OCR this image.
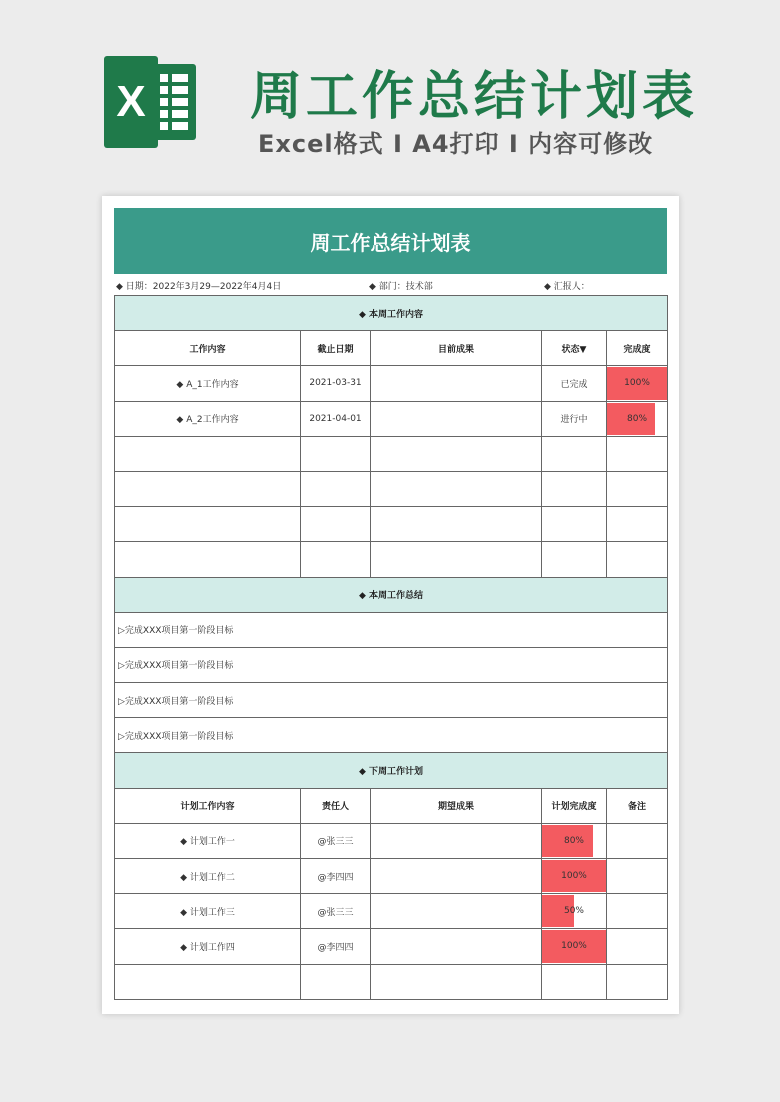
X 周工作总结计划表
Excel格式 Ι A4打印 Ι 内容可修改
周工作总结计划表
◆ 日期：2022年3月29—2022年4月4日	◆ 部门：技术部	◆ 汇报人：
◆ 本周工作内容				
工作内容	截止日期	目前成果	状态▼	完成度
◆ A_1工作内容	2021-03-31		已完成	100%
◆ A_2工作内容	2021-04-01		进行中	80%

◆ 本周工作总结				
▷完成XXX项目第一阶段目标				
▷完成XXX项目第一阶段目标				
▷完成XXX项目第一阶段目标				
▷完成XXX项目第一阶段目标				
◆ 下周工作计划				
计划工作内容	责任人	期望成果	计划完成度	备注
◆ 计划工作一	@张三三		80%	
◆ 计划工作二	@李四四		100%	
◆ 计划工作三	@张三三		50%	
◆ 计划工作四	@李四四		100%	
